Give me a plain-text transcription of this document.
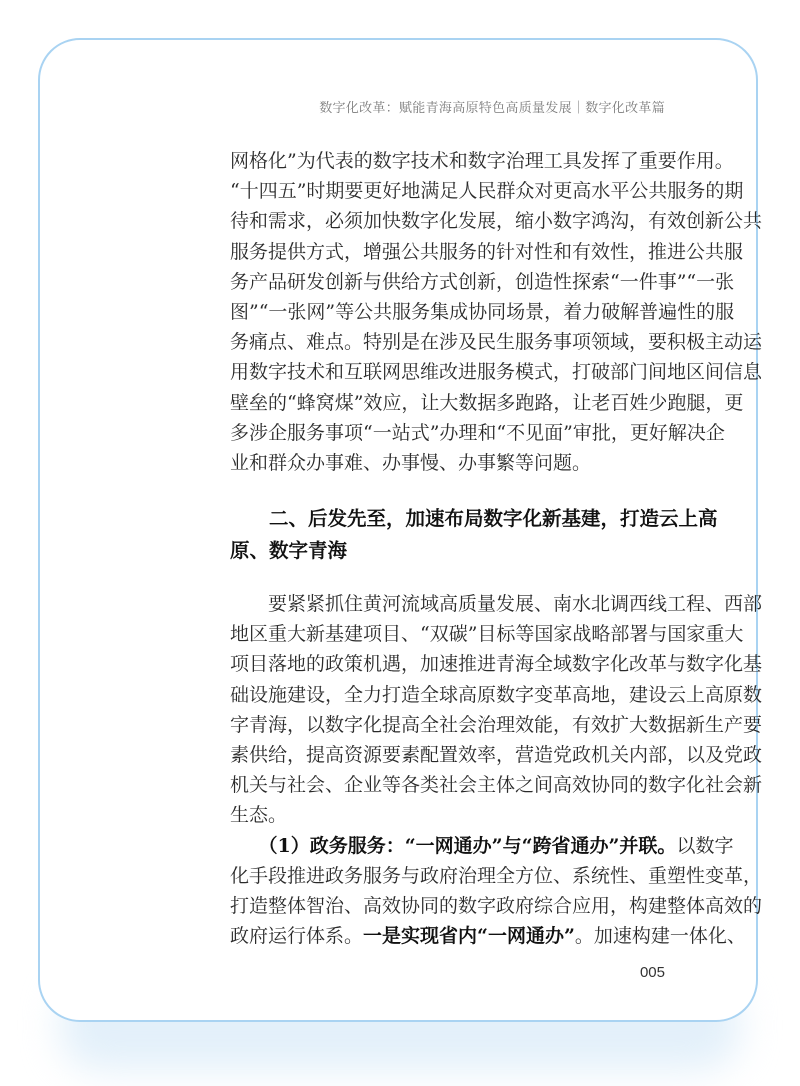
数字化改革：赋能青海高原特色高质量发展｜数字化改革篇
网格化”为代表的数字技术和数字治理工具发挥了重要作用。
“十四五”时期要更好地满足人民群众对更高水平公共服务的期
待和需求，必须加快数字化发展，缩小数字鸿沟，有效创新公共
服务提供方式，增强公共服务的针对性和有效性，推进公共服
务产品研发创新与供给方式创新，创造性探索“一件事”“一张
图”“一张网”等公共服务集成协同场景，着力破解普遍性的服
务痛点、难点。特别是在涉及民生服务事项领域，要积极主动运
用数字技术和互联网思维改进服务模式，打破部门间地区间信息
壁垒的“蜂窝煤”效应，让大数据多跑路，让老百姓少跑腿，更
多涉企服务事项“一站式”办理和“不见面”审批，更好解决企
业和群众办事难、办事慢、办事繁等问题。
　　二、后发先至，加速布局数字化新基建，打造云上高
原、数字青海
　　要紧紧抓住黄河流域高质量发展、南水北调西线工程、西部
地区重大新基建项目、“双碳”目标等国家战略部署与国家重大
项目落地的政策机遇，加速推进青海全域数字化改革与数字化基
础设施建设，全力打造全球高原数字变革高地，建设云上高原数
字青海，以数字化提高全社会治理效能，有效扩大数据新生产要
素供给，提高资源要素配置效率，营造党政机关内部，以及党政
机关与社会、企业等各类社会主体之间高效协同的数字化社会新
生态。
　　（1）政务服务：“一网通办”与“跨省通办”并联。以数字
化手段推进政务服务与政府治理全方位、系统性、重塑性变革，
打造整体智治、高效协同的数字政府综合应用，构建整体高效的
政府运行体系。一是实现省内“一网通办”。加速构建一体化、
005
